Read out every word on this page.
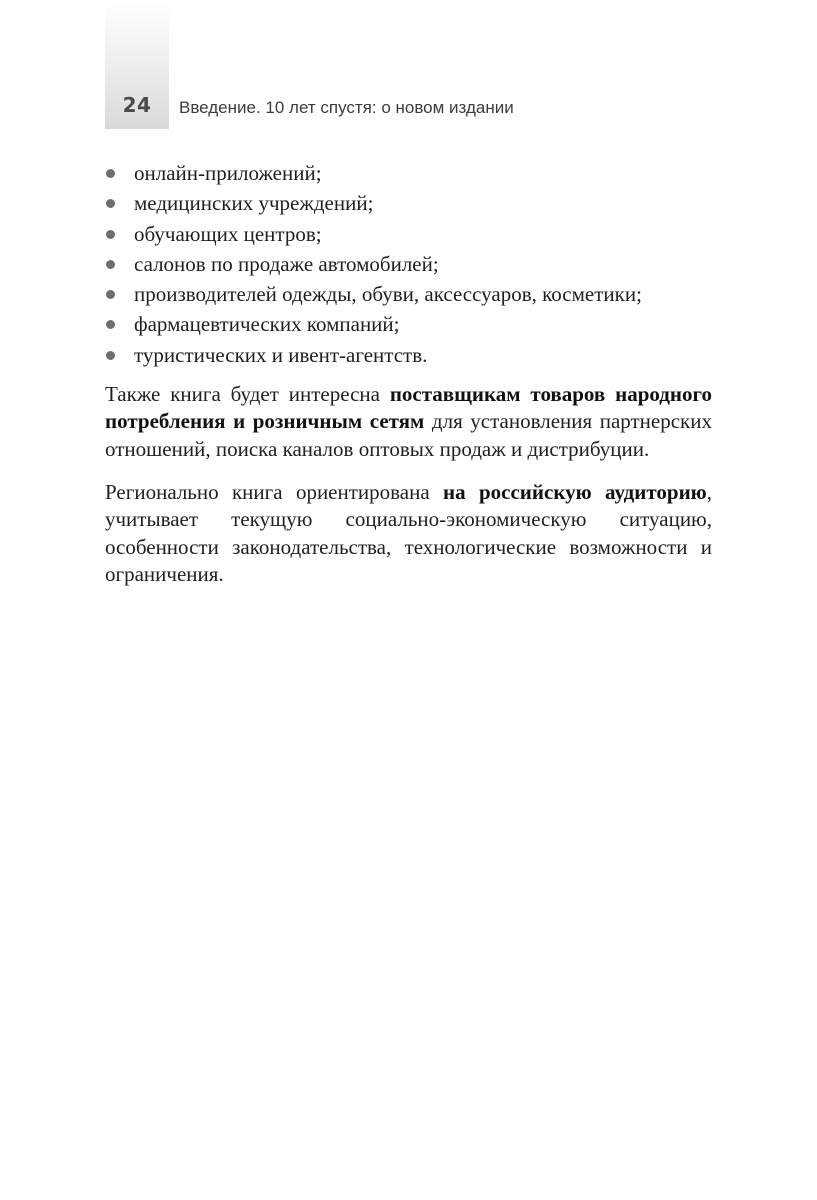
24	Введение. 10 лет спустя: о новом издании
онлайн-приложений;
медицинских учреждений;
обучающих центров;
салонов по продаже автомобилей;
производителей одежды, обуви, аксессуаров, косметики;
фармацевтических компаний;
туристических и ивент-агентств.

Также книга будет интересна поставщикам товаров народного потребления и розничным сетям для установления партнерских отношений, поиска каналов оптовых продаж и дистрибуции.

Регионально книга ориентирована на российскую аудиторию, учитывает текущую социально-экономическую ситуацию, особенности законодательства, технологические возможности и ограничения.
